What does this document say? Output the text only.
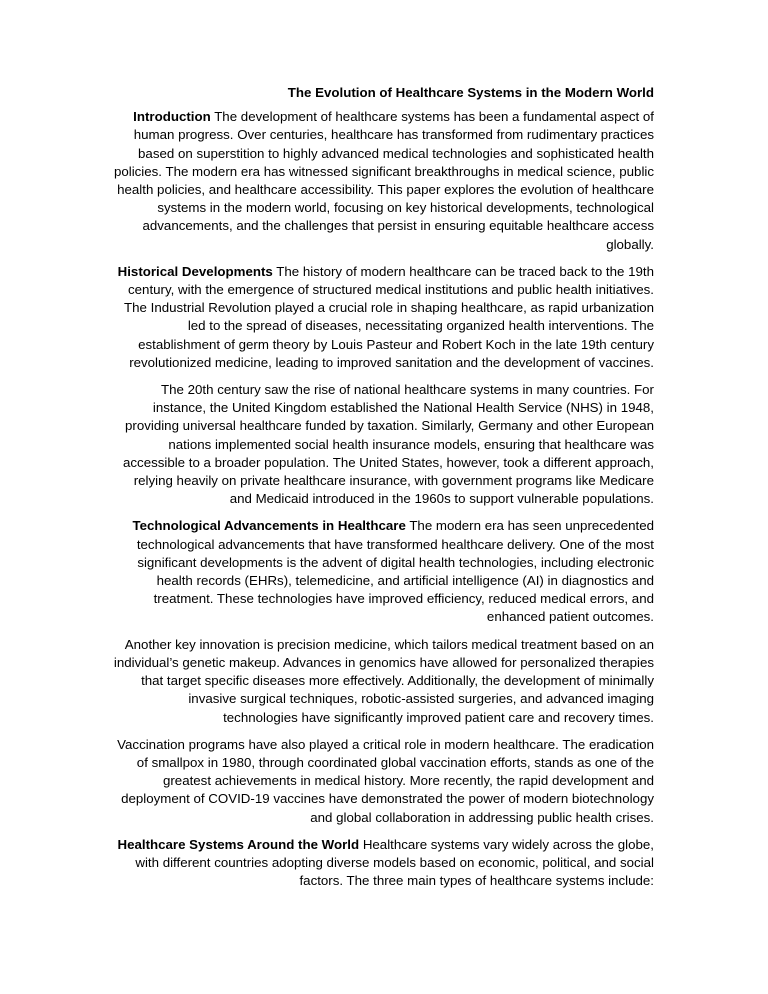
The Evolution of Healthcare Systems in the Modern World

Introduction The development of healthcare systems has been a fundamental aspect of human progress. Over centuries, healthcare has transformed from rudimentary practices based on superstition to highly advanced medical technologies and sophisticated health policies. The modern era has witnessed significant breakthroughs in medical science, public health policies, and healthcare accessibility. This paper explores the evolution of healthcare systems in the modern world, focusing on key historical developments, technological advancements, and the challenges that persist in ensuring equitable healthcare access globally.

Historical Developments The history of modern healthcare can be traced back to the 19th century, with the emergence of structured medical institutions and public health initiatives. The Industrial Revolution played a crucial role in shaping healthcare, as rapid urbanization led to the spread of diseases, necessitating organized health interventions. The establishment of germ theory by Louis Pasteur and Robert Koch in the late 19th century revolutionized medicine, leading to improved sanitation and the development of vaccines.

The 20th century saw the rise of national healthcare systems in many countries. For instance, the United Kingdom established the National Health Service (NHS) in 1948, providing universal healthcare funded by taxation. Similarly, Germany and other European nations implemented social health insurance models, ensuring that healthcare was accessible to a broader population. The United States, however, took a different approach, relying heavily on private healthcare insurance, with government programs like Medicare and Medicaid introduced in the 1960s to support vulnerable populations.

Technological Advancements in Healthcare The modern era has seen unprecedented technological advancements that have transformed healthcare delivery. One of the most significant developments is the advent of digital health technologies, including electronic health records (EHRs), telemedicine, and artificial intelligence (AI) in diagnostics and treatment. These technologies have improved efficiency, reduced medical errors, and enhanced patient outcomes.

Another key innovation is precision medicine, which tailors medical treatment based on an individual’s genetic makeup. Advances in genomics have allowed for personalized therapies that target specific diseases more effectively. Additionally, the development of minimally invasive surgical techniques, robotic-assisted surgeries, and advanced imaging technologies have significantly improved patient care and recovery times.

Vaccination programs have also played a critical role in modern healthcare. The eradication of smallpox in 1980, through coordinated global vaccination efforts, stands as one of the greatest achievements in medical history. More recently, the rapid development and deployment of COVID-19 vaccines have demonstrated the power of modern biotechnology and global collaboration in addressing public health crises.

Healthcare Systems Around the World Healthcare systems vary widely across the globe, with different countries adopting diverse models based on economic, political, and social factors. The three main types of healthcare systems include:
